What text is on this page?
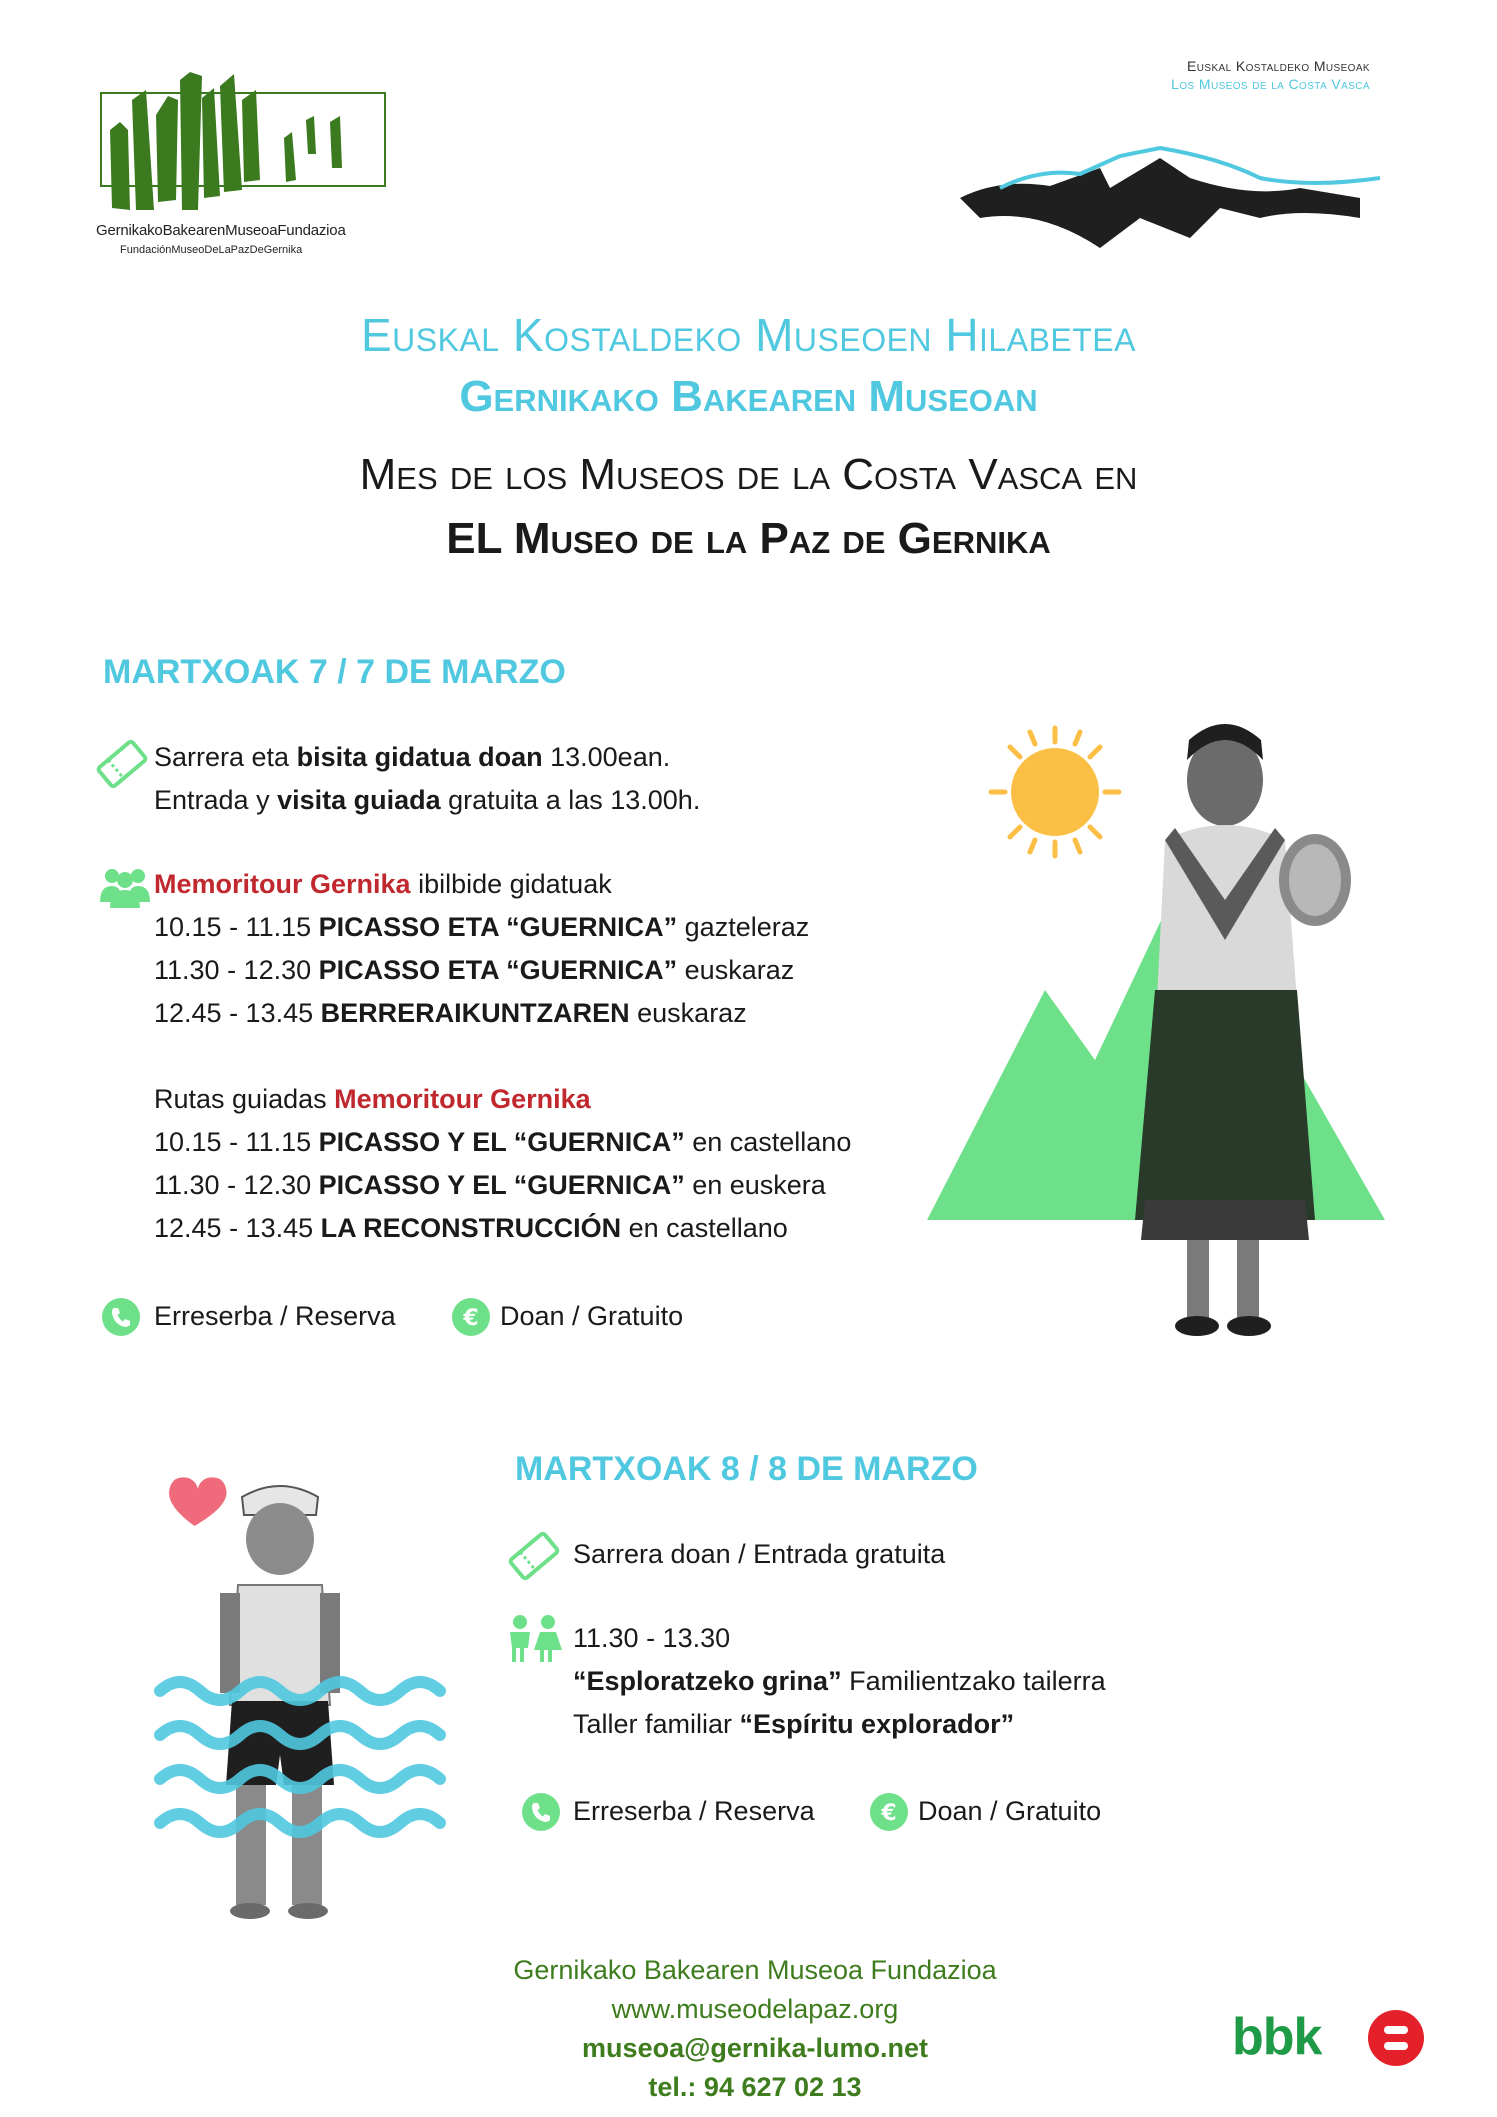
GernikakoBakearenMuseoaFundazioa
FundaciónMuseoDeLaPazDeGernika
Euskal Kostaldeko Museoak
Los Museos de la Costa Vasca
Euskal Kostaldeko Museoen Hilabetea
Gernikako Bakearen Museoan
Mes de los Museos de la Costa Vasca en
EL Museo de la Paz de Gernika
MARTXOAK 7 / 7 DE MARZO
Sarrera eta bisita gidatua doan 13.00ean.
Entrada y visita guiada gratuita a las 13.00h.
Memoritour Gernika ibilbide gidatuak
10.15 - 11.15 PICASSO ETA “GUERNICA” gazteleraz
11.30 - 12.30 PICASSO ETA “GUERNICA” euskaraz
12.45 - 13.45 BERRERAIKUNTZAREN euskaraz
Rutas guiadas Memoritour Gernika
10.15 - 11.15 PICASSO Y EL “GUERNICA” en castellano
11.30 - 12.30 PICASSO Y EL “GUERNICA” en euskera
12.45 - 13.45 LA RECONSTRUCCIÓN en castellano
Erreserba / Reserva	€ Doan / Gratuito
MARTXOAK 8 / 8 DE MARZO
Sarrera doan / Entrada gratuita
11.30 - 13.30
“Esploratzeko grina” Familientzako tailerra
Taller familiar “Espíritu explorador”
Erreserba / Reserva	€ Doan / Gratuito
Gernikako Bakearen Museoa Fundazioa
www.museodelapaz.org
museoa@gernika-lumo.net
tel.: 94 627 02 13
bbk
